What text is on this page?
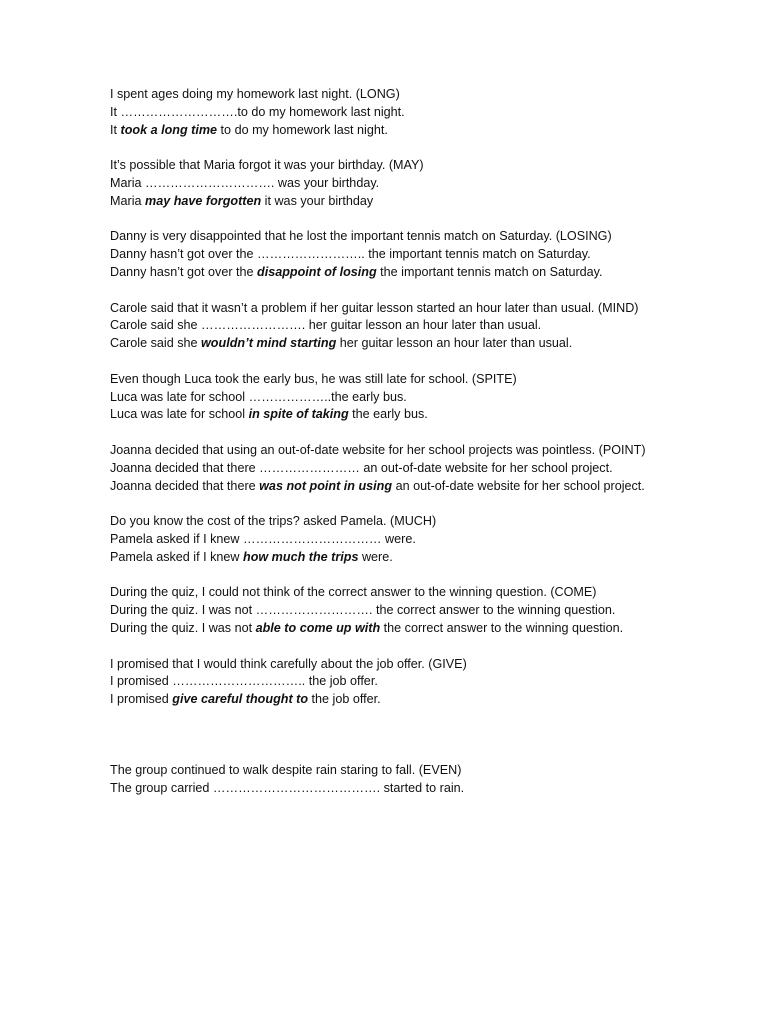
I spent ages doing my homework last night. (LONG)
It ……………………….to do my homework last night.
It took a long time to do my homework last night.
It’s possible that Maria forgot it was your birthday. (MAY)
Maria …………………………. was your birthday.
Maria may have forgotten it was your birthday
Danny is very disappointed that he lost the important tennis match on Saturday. (LOSING)
Danny hasn’t got over the …………………….. the important tennis match on Saturday.
Danny hasn’t got over the disappoint of losing the important tennis match on Saturday.
Carole said that it wasn’t a problem if her guitar lesson started an hour later than usual. (MIND)
Carole said she ……………………. her guitar lesson an hour later than usual.
Carole said she wouldn’t mind starting her guitar lesson an hour later than usual.
Even though Luca took the early bus, he was still late for school. (SPITE)
Luca was late for school ………………..the early bus.
Luca was late for school in spite of taking the early bus.
Joanna decided that using an out-of-date website for her school projects was pointless. (POINT)
Joanna decided that there …………………… an out-of-date website for her school project.
Joanna decided that there was not point in using an out-of-date website for her school project.
Do you know the cost of the trips? asked Pamela. (MUCH)
Pamela asked if I knew …………………………… were.
Pamela asked if I knew how much the trips were.
During the quiz, I could not think of the correct answer to the winning question. (COME)
During the quiz. I was not ………………………. the correct answer to the winning question.
During the quiz. I was not able to come up with the correct answer to the winning question.
I promised that I would think carefully about the job offer. (GIVE)
I promised ………………………….. the job offer.
I promised give careful thought to the job offer.
The group continued to walk despite rain staring to fall. (EVEN)
The group carried …………………………………. started to rain.
